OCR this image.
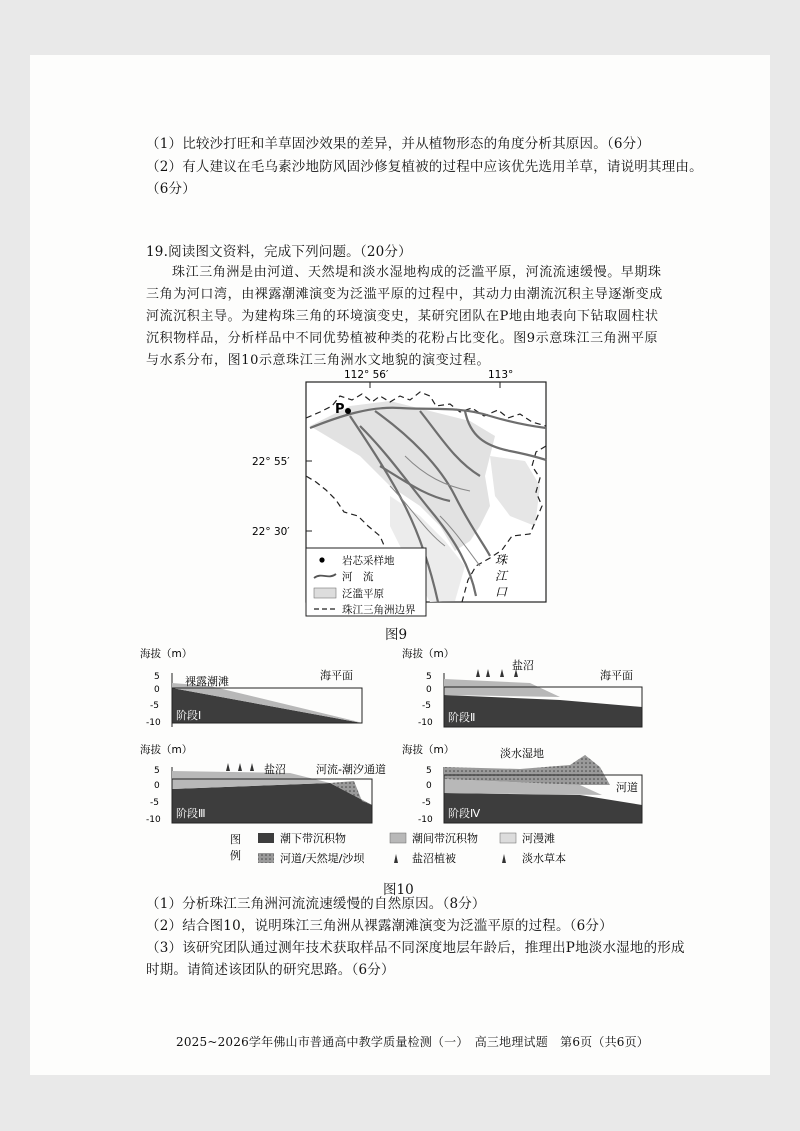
（1）比较沙打旺和羊草固沙效果的差异，并从植物形态的角度分析其原因。（6分）
（2）有人建议在毛乌素沙地防风固沙修复植被的过程中应该优先选用羊草，请说明其理由。
（6分）
19.阅读图文资料，完成下列问题。（20分）
珠江三角洲是由河道、天然堤和淡水湿地构成的泛滥平原，河流流速缓慢。早期珠三角为河口湾，由裸露潮滩演变为泛滥平原的过程中，其动力由潮流沉积主导逐渐变成河流沉积主导。为建构珠三角的环境演变史，某研究团队在P地由地表向下钻取圆柱状沉积物样品，分析样品中不同优势植被种类的花粉占比变化。图9示意珠江三角洲平原与水系分布，图10示意珠江三角洲水文地貌的演变过程。
P
112° 56′	113°
22° 55′
22° 30′
珠
江
口
岩芯采样地
河　流
泛滥平原
珠江三角洲边界
图9
海拔（m）
5
0
-5
-10
裸露潮滩	海平面
阶段Ⅰ
海拔（m）
5
0
-5
-10
盐沼
海平面
阶段Ⅱ
海拔（m）
5
0
-5
-10
盐沼	河流-潮汐通道
阶段Ⅲ
海拔（m）
5
0
-5
-10
淡水湿地
河道
阶段Ⅳ
图
例
潮下带沉积物	潮间带沉积物	河漫滩
河道/天然堤/沙坝	盐沼植被	淡水草本
图10
（1）分析珠江三角洲河流流速缓慢的自然原因。（8分）
（2）结合图10，说明珠江三角洲从裸露潮滩演变为泛滥平原的过程。（6分）
（3）该研究团队通过测年技术获取样品不同深度地层年龄后，推理出P地淡水湿地的形成
时期。请简述该团队的研究思路。（6分）
2025~2026学年佛山市普通高中教学质量检测（一）　高三地理试题　第6页（共6页）
